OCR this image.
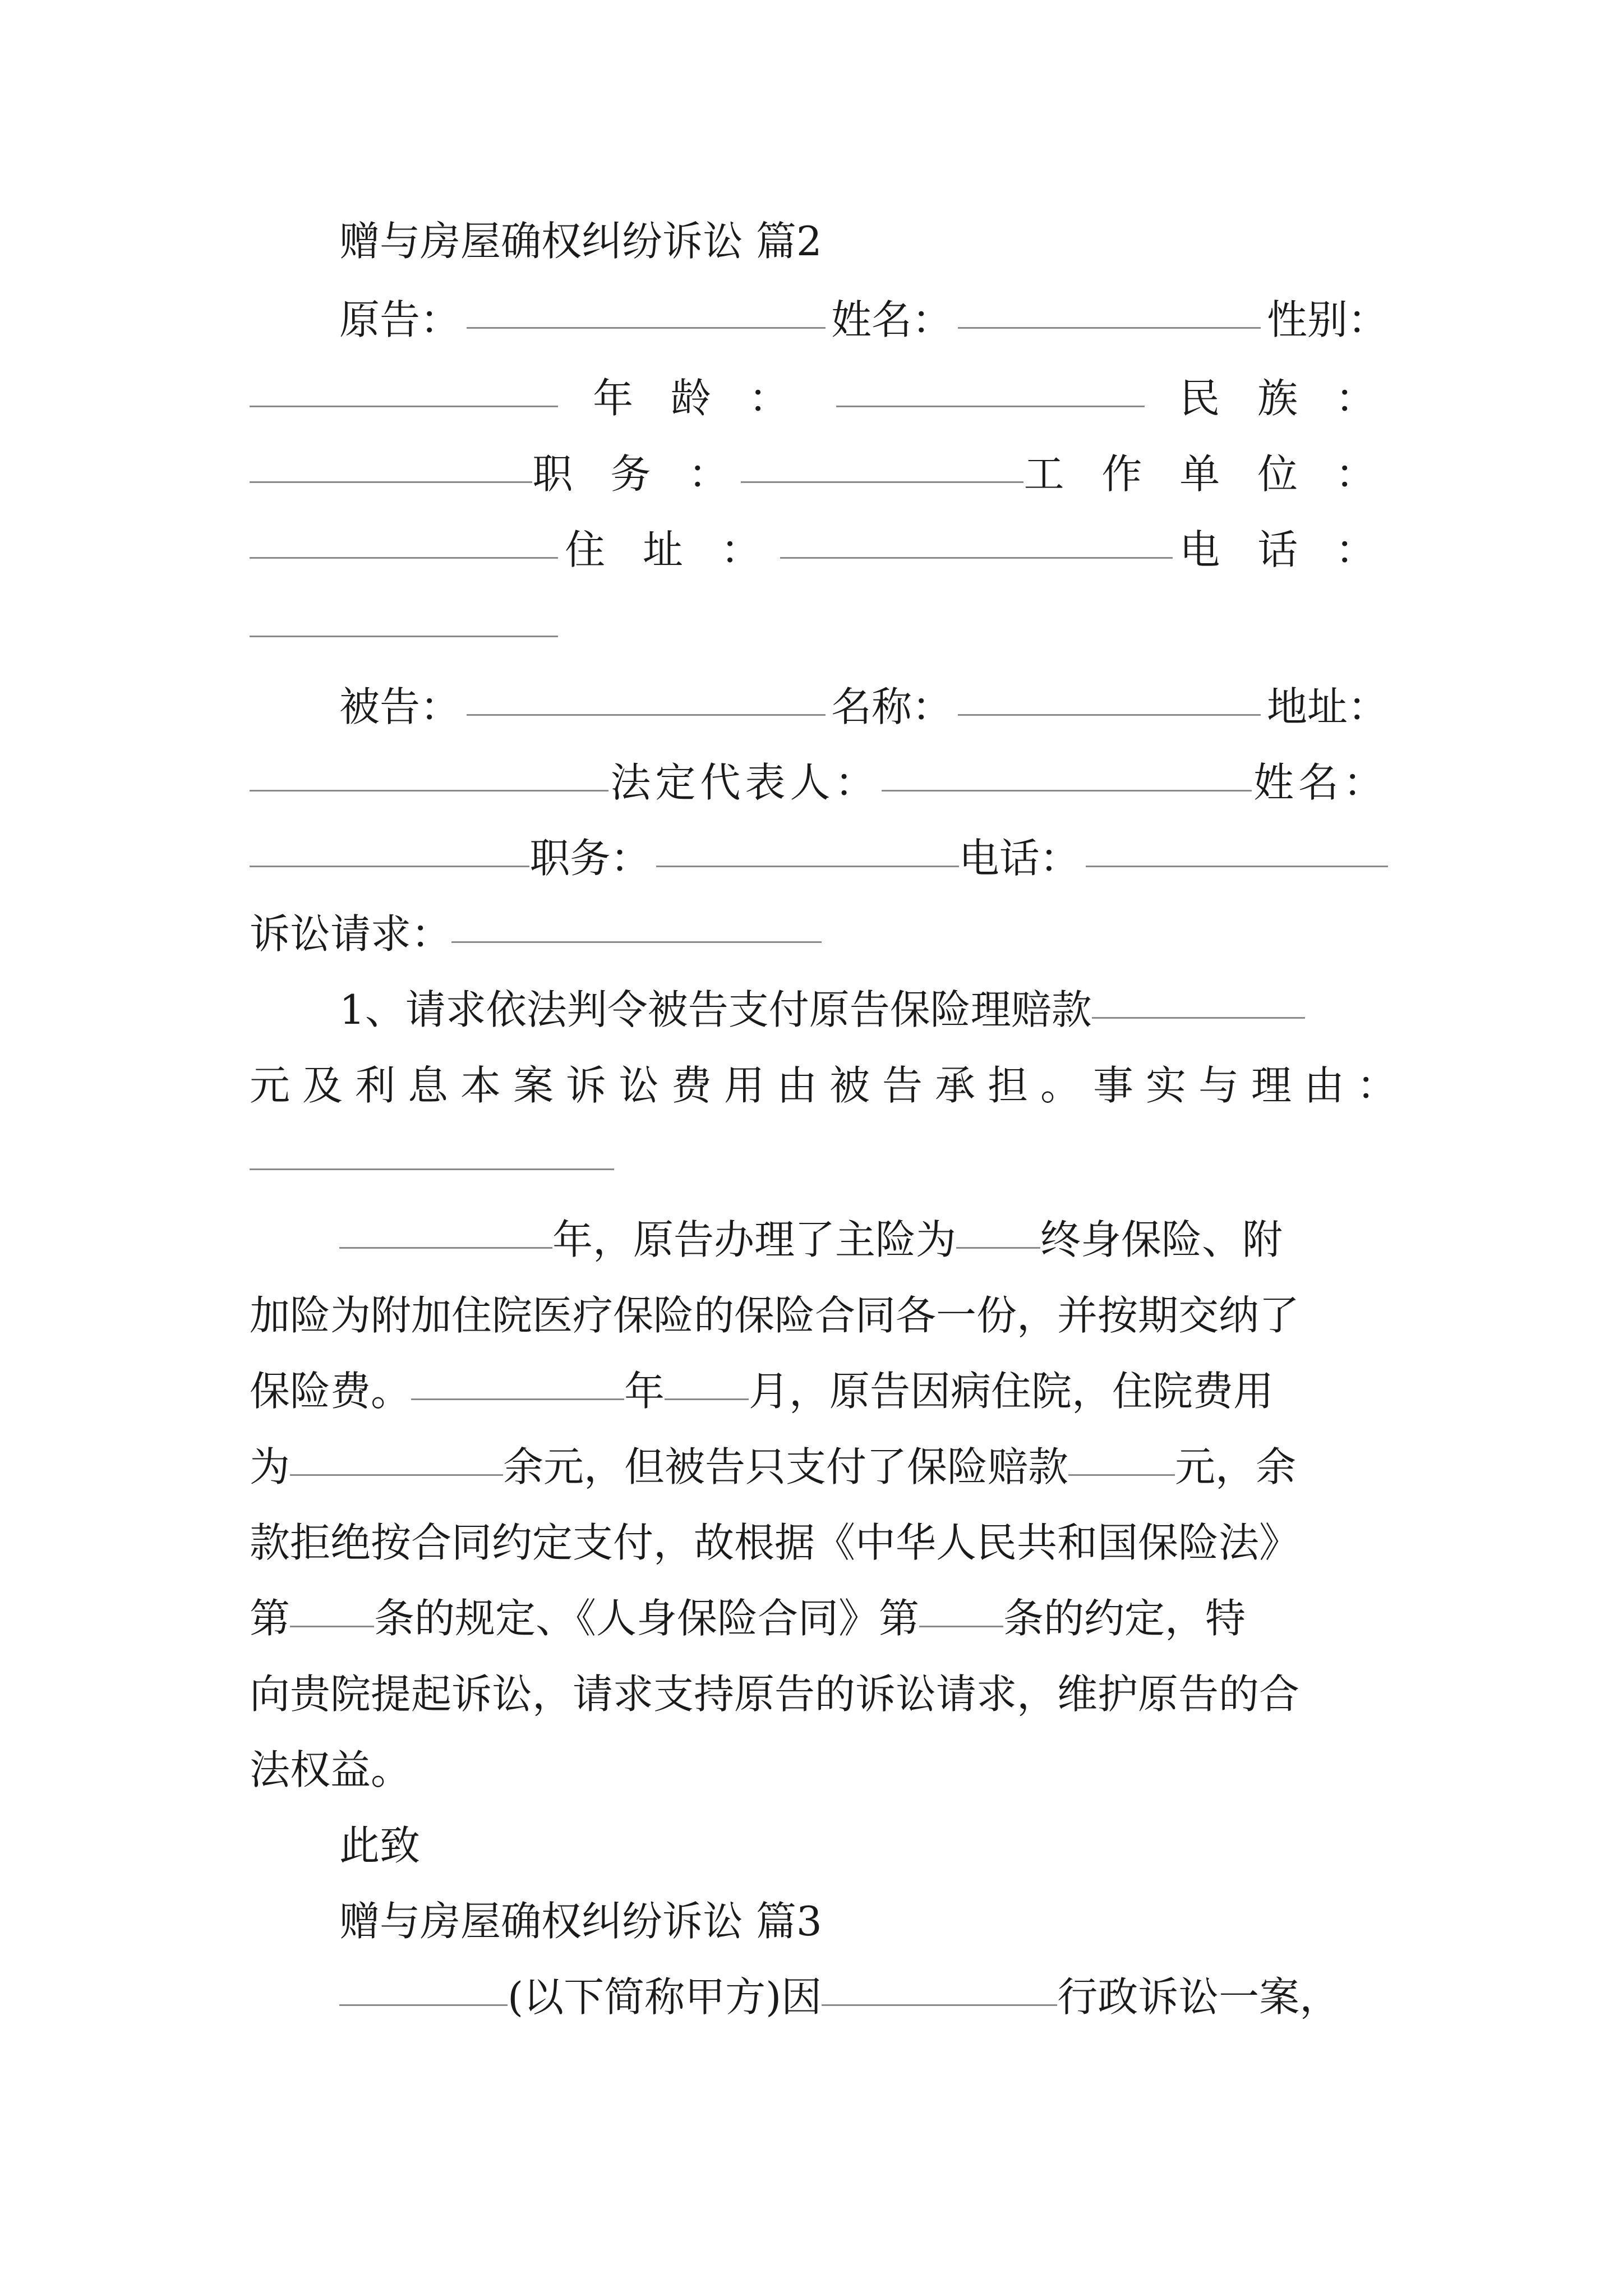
赠与房屋确权纠纷诉讼 篇2
原告：	姓名：	性别：
年 龄 ：	民 族 ：
职 务 ：	工 作 单 位 ：
住 址 ：	电 话 ：
被告：	名称：	地址：
法定代表人：	姓名：
职务：	电话：
诉讼请求：
1、请求依法判令被告支付原告保险理赔款
元及利息本案诉讼费用由被告承担。事实与理由：
年，原告办理了主险为 终身保险、附
加险为附加住院医疗保险的保险合同各一份，并按期交纳了
保险费。	年 月，原告因病住院，住院费用
为	余元，但被告只支付了保险赔款	元，余
款拒绝按合同约定支付，故根据《中华人民共和国保险法》
第 条的规定、《人身保险合同》第 条的约定，特
向贵院提起诉讼，请求支持原告的诉讼请求，维护原告的合
法权益。
此致
赠与房屋确权纠纷诉讼 篇3
(以下简称甲方)因	行政诉讼一案，
